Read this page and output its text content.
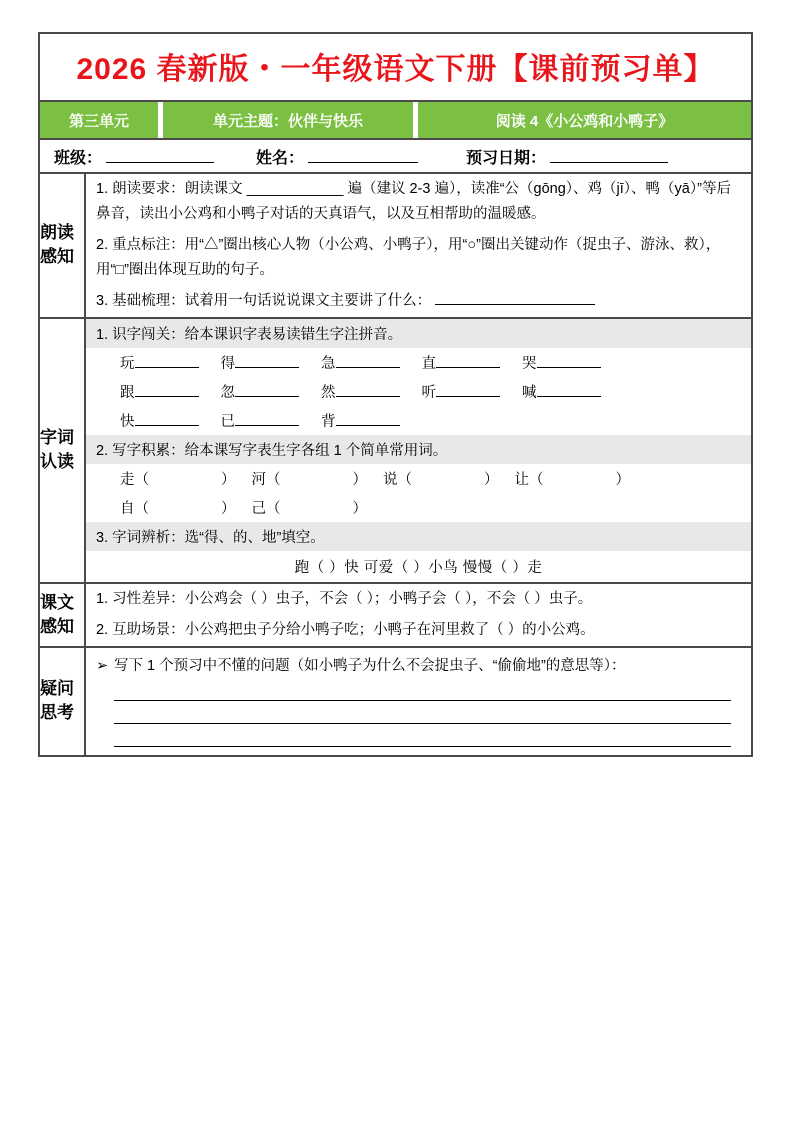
2026 春新版・一年级语文下册【课前预习单】
第三单元	单元主题：伙伴与快乐	阅读 4《小公鸡和小鸭子》
班级：	姓名：	预习日期：
朗读感知
1. 朗读要求：朗读课文 ____________ 遍（建议 2-3 遍），读准“公（gōng）、鸡（jī）、鸭（yā）”等后鼻音，读出小公鸡和小鸭子对话的天真语气，以及互相帮助的温暖感。
2. 重点标注：用“△”圈出核心人物（小公鸡、小鸭子），用“○”圈出关键动作（捉虫子、游泳、救），用“□”圈出体现互助的句子。
3. 基础梳理：试着用一句话说说课文主要讲了什么：
字词认读
1. 识字闯关：给本课识字表易读错生字注拼音。
玩	得	急	直	哭
跟	忽	然	听	喊
快	已	背
2. 写字积累：给本课写字表生字各组 1 个简单常用词。
走（	） 河（	） 说（	） 让（	）
自（	） 己（	）
3. 字词辨析：选“得、的、地”填空。
跑（ ）快 可爱（ ）小鸟 慢慢（ ）走
课文感知
1. 习性差异：小公鸡会（ ）虫子，不会（ ）；小鸭子会（ ），不会（ ）虫子。
2. 互助场景：小公鸡把虫子分给小鸭子吃；小鸭子在河里救了（ ）的小公鸡。
疑问思考
➢ 写下 1 个预习中不懂的问题（如小鸭子为什么不会捉虫子、“偷偷地”的意思等）：
